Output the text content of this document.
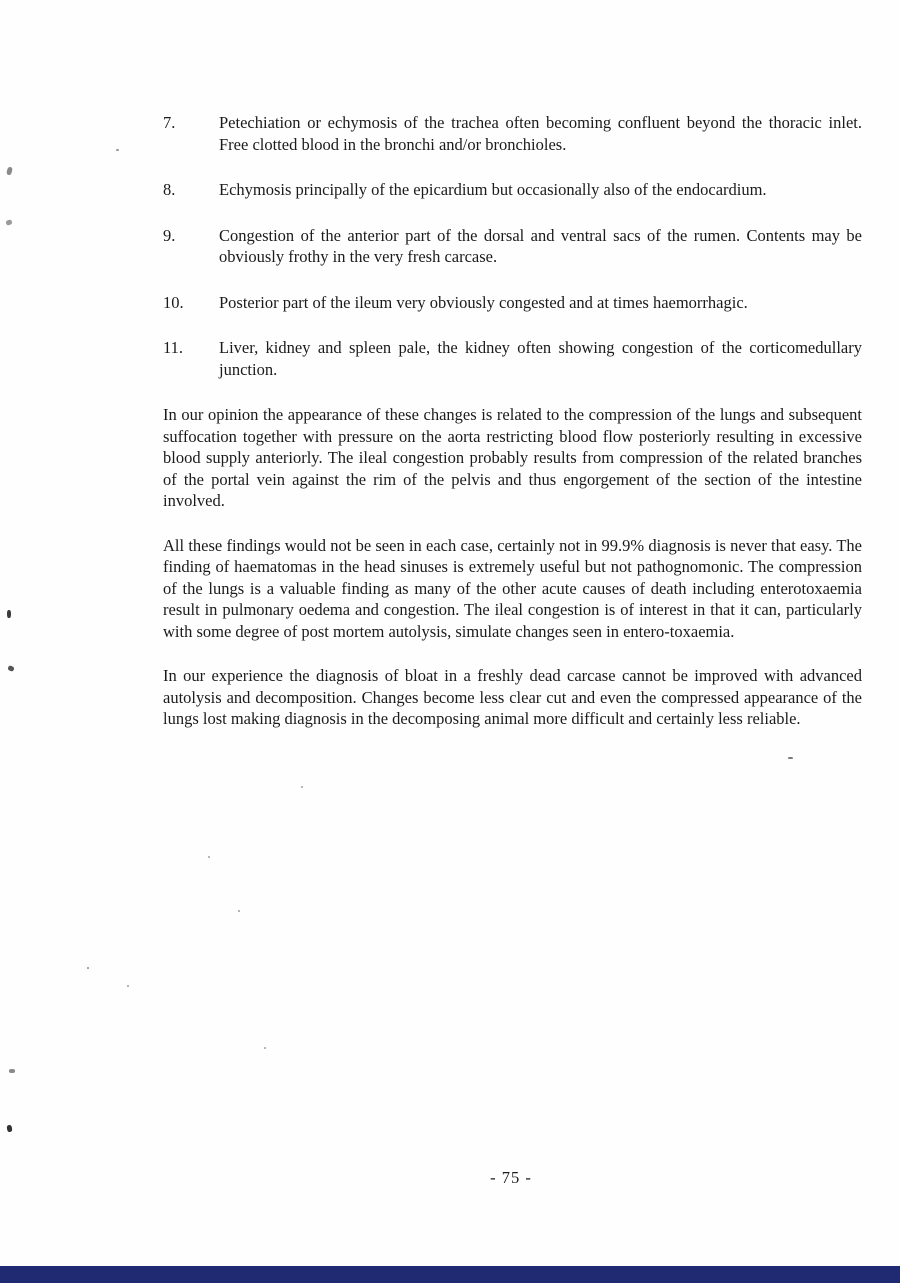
7.	Petechiation or echymosis of the trachea often becoming confluent beyond the thoracic inlet. Free clotted blood in the bronchi and/or bronchioles.
8.	Echymosis principally of the epicardium but occasionally also of the endocardium.
9.	Congestion of the anterior part of the dorsal and ventral sacs of the rumen. Contents may be obviously frothy in the very fresh carcase.
10.	Posterior part of the ileum very obviously congested and at times haemorrhagic.
11.	Liver, kidney and spleen pale, the kidney often showing congestion of the corticomedullary junction.

In our opinion the appearance of these changes is related to the compression of the lungs and subsequent suffocation together with pressure on the aorta restricting blood flow posteriorly resulting in excessive blood supply anteriorly. The ileal congestion probably results from compression of the related branches of the portal vein against the rim of the pelvis and thus engorgement of the section of the intestine involved.

All these findings would not be seen in each case, certainly not in 99.9% diagnosis is never that easy. The finding of haematomas in the head sinuses is extremely useful but not pathognomonic. The compression of the lungs is a valuable finding as many of the other acute causes of death including enterotoxaemia result in pulmonary oedema and congestion. The ileal congestion is of interest in that it can, particularly with some degree of post mortem autolysis, simulate changes seen in entero-toxaemia.

In our experience the diagnosis of bloat in a freshly dead carcase cannot be improved with advanced autolysis and decomposition. Changes become less clear cut and even the compressed appearance of the lungs lost making diagnosis in the decomposing animal more difficult and certainly less reliable.

- 75 -
